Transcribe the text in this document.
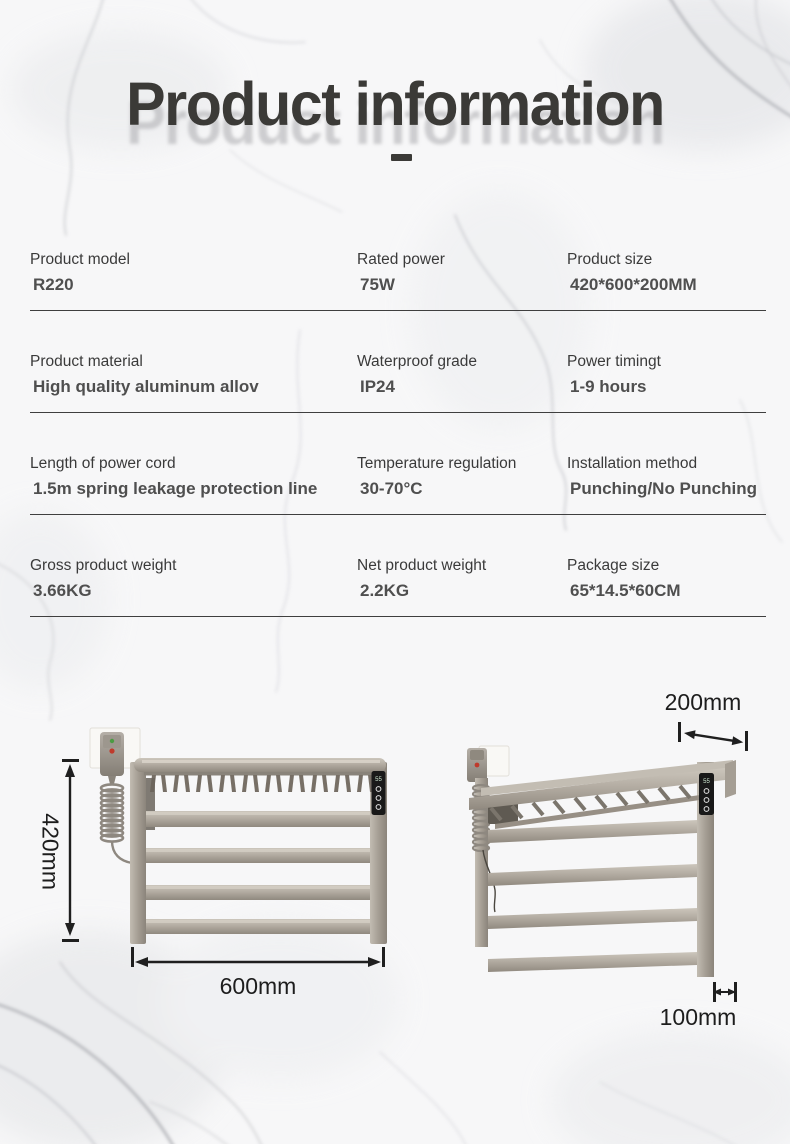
Product information
Product model
R220
Rated power
75W
Product size
420*600*200MM
Product material
High quality aluminum allov
Waterproof grade
IP24
Power timingt
1-9 hours
Length of power cord
1.5m spring leakage protection line
Temperature regulation
30-70°C
Installation method
Punching/No Punching
Gross product weight
3.66KG
Net product weight
2.2KG
Package size
65*14.5*60CM
55	55
420mm
600mm
200mm
100mm
